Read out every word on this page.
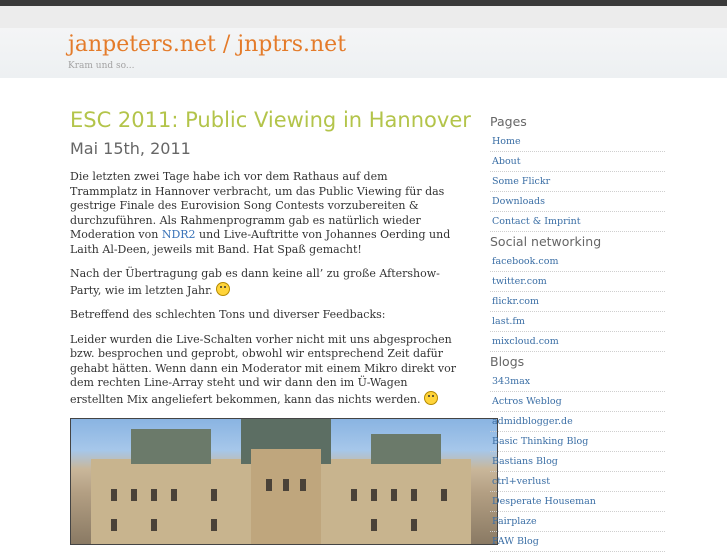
janpeters.net / jnptrs.net
Kram und so...
ESC 2011: Public Viewing in Hannover
Mai 15th, 2011

Die letzten zwei Tage habe ich vor dem Rathaus auf dem Trammplatz in Hannover verbracht, um das Public Viewing für das gestrige Finale des Eurovision Song Contests vorzubereiten & durchzuführen. Als Rahmenprogramm gab es natürlich wieder Moderation von NDR2 und Live-Auftritte von Johannes Oerding und Laith Al-Deen, jeweils mit Band. Hat Spaß gemacht!

Nach der Übertragung gab es dann keine all’ zu große Aftershow-Party, wie im letzten Jahr.

Betreffend des schlechten Tons und diverser Feedbacks:

Leider wurden die Live-Schalten vorher nicht mit uns abgesprochen bzw. besprochen und geprobt, obwohl wir entsprechend Zeit dafür gehabt hätten. Wenn dann ein Moderator mit einem Mikro direkt vor dem rechten Line-Array steht und wir dann den im Ü-Wagen erstellten Mix angeliefert bekommen, kann das nichts werden.

Pages
Home
About
Some Flickr
Downloads
Contact & Imprint
Social networking
facebook.com
twitter.com
flickr.com
last.fm
mixcloud.com
Blogs
343max
Actros Weblog
admidblogger.de
Basic Thinking Blog
Bastians Blog
ctrl+verlust
Desperate Houseman
Fairplaze
FAW Blog
